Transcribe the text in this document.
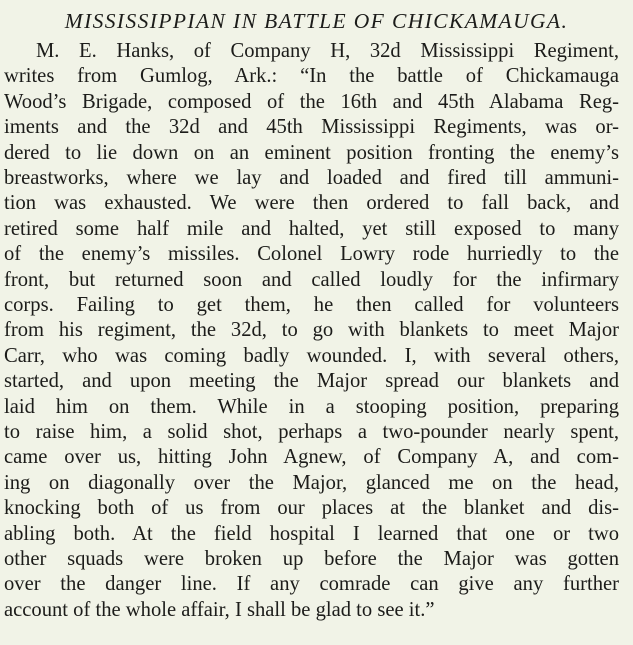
MISSISSIPPIAN IN BATTLE OF CHICKAMAUGA.
M. E. Hanks, of Company H, 32d Mississippi Regiment,
writes from Gumlog, Ark.: “In the battle of Chickamauga
Wood’s Brigade, composed of the 16th and 45th Alabama Reg-
iments and the 32d and 45th Mississippi Regiments, was or-
dered to lie down on an eminent position fronting the enemy’s
breastworks, where we lay and loaded and fired till ammuni-
tion was exhausted. We were then ordered to fall back, and
retired some half mile and halted, yet still exposed to many
of the enemy’s missiles. Colonel Lowry rode hurriedly to the
front, but returned soon and called loudly for the infirmary
corps. Failing to get them, he then called for volunteers
from his regiment, the 32d, to go with blankets to meet Major
Carr, who was coming badly wounded. I, with several others,
started, and upon meeting the Major spread our blankets and
laid him on them. While in a stooping position, preparing
to raise him, a solid shot, perhaps a two-pounder nearly spent,
came over us, hitting John Agnew, of Company A, and com-
ing on diagonally over the Major, glanced me on the head,
knocking both of us from our places at the blanket and dis-
abling both. At the field hospital I learned that one or two
other squads were broken up before the Major was gotten
over the danger line. If any comrade can give any further
account of the whole affair, I shall be glad to see it.”
